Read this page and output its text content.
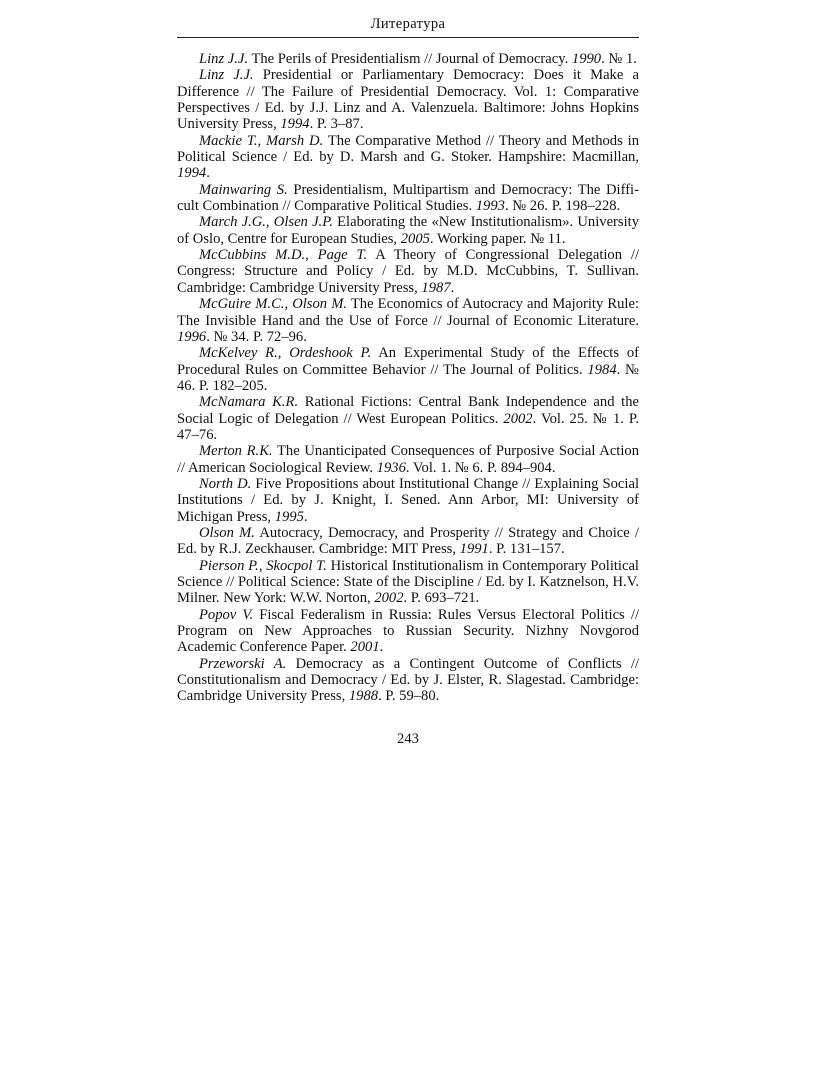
Литература

Linz J.J. The Perils of Presidentialism // Journal of Democracy. 1990. № 1.

Linz J.J. Presidential or Parliamentary Democracy: Does it Make a Difference // The Failure of Presidential Democracy. Vol. 1: Comparative Perspectives / Ed. by J.J. Linz and A. Valenzuela. Baltimore: Johns Hopkins University Press, 1994. P. 3–87.

Mackie T., Marsh D. The Comparative Method // Theory and Methods in Political Science / Ed. by D. Marsh and G. Stoker. Hampshire: Macmillan, 1994.

Mainwaring S. Presidentialism, Multipartism and Democracy: The Difficult Combination // Comparative Political Studies. 1993. № 26. P. 198–228.

March J.G., Olsen J.P. Elaborating the «New Institutionalism». University of Oslo, Centre for European Studies, 2005. Working paper. № 11.

McCubbins M.D., Page T. A Theory of Congressional Delegation // Congress: Structure and Policy / Ed. by M.D. McCubbins, T. Sullivan. Cambridge: Cambridge University Press, 1987.

McGuire M.C., Olson M. The Economics of Autocracy and Majority Rule: The Invisible Hand and the Use of Force // Journal of Economic Literature. 1996. № 34. P. 72–96.

McKelvey R., Ordeshook P. An Experimental Study of the Effects of Procedural Rules on Committee Behavior // The Journal of Politics. 1984. № 46. P. 182–205.

McNamara K.R. Rational Fictions: Central Bank Independence and the Social Logic of Delegation // West European Politics. 2002. Vol. 25. № 1. P. 47–76.

Merton R.K. The Unanticipated Consequences of Purposive Social Action // American Sociological Review. 1936. Vol. 1. № 6. P. 894–904.

North D. Five Propositions about Institutional Change // Explaining Social Institutions / Ed. by J. Knight, I. Sened. Ann Arbor, MI: University of Michigan Press, 1995.

Olson M. Autocracy, Democracy, and Prosperity // Strategy and Choice / Ed. by R.J. Zeckhauser. Cambridge: MIT Press, 1991. P. 131–157.

Pierson P., Skocpol T. Historical Institutionalism in Contemporary Political Science // Political Science: State of the Discipline / Ed. by I. Katznelson, H.V. Milner. New York: W.W. Norton, 2002. P. 693–721.

Popov V. Fiscal Federalism in Russia: Rules Versus Electoral Politics // Program on New Approaches to Russian Security. Nizhny Novgorod Academic Conference Paper. 2001.

Przeworski A. Democracy as a Contingent Outcome of Conflicts // Constitutionalism and Democracy / Ed. by J. Elster, R. Slagestad. Cambridge: Cambridge University Press, 1988. P. 59–80.

243
